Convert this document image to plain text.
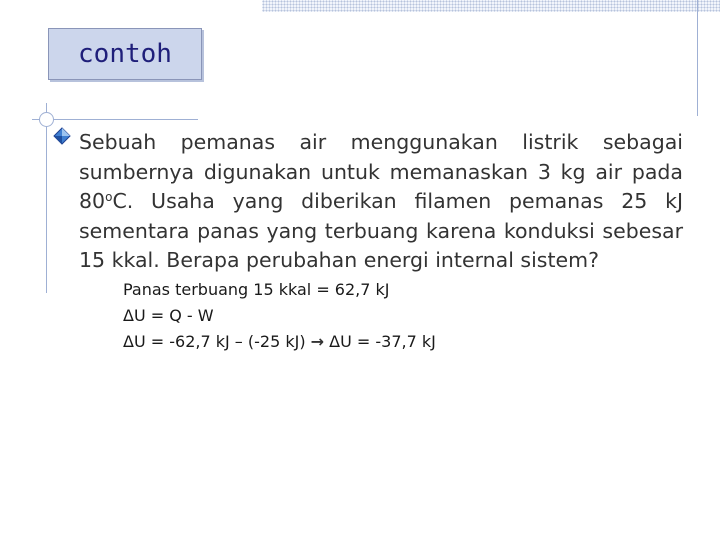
contoh

Sebuah pemanas air menggunakan listrik sebagai sumbernya digunakan untuk memanaskan 3 kg air pada 80$^o$C. Usaha yang diberikan filamen pemanas 25 kJ sementara panas yang terbuang karena konduksi sebesar 15 kkal. Berapa perubahan energi internal sistem?

Panas terbuang 15 kkal = 62,7 kJ
ΔU = Q - W
ΔU = -62,7 kJ – (-25 kJ) → ΔU = -37,7 kJ
